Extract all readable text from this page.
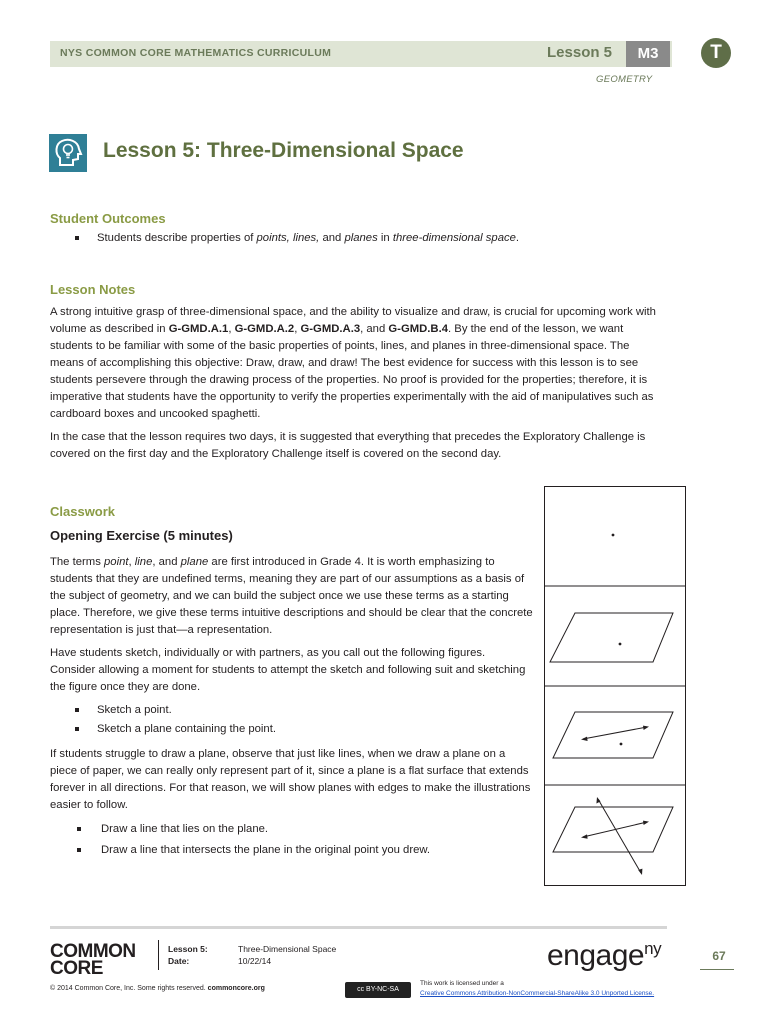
NYS COMMON CORE MATHEMATICS CURRICULUM	Lesson 5	M3
GEOMETRY
T
Lesson 5: Three-Dimensional Space
Student Outcomes
Students describe properties of points, lines, and planes in three-dimensional space.
Lesson Notes
A strong intuitive grasp of three-dimensional space, and the ability to visualize and draw, is crucial for upcoming work with volume as described in G-GMD.A.1, G-GMD.A.2, G-GMD.A.3, and G-GMD.B.4. By the end of the lesson, we want students to be familiar with some of the basic properties of points, lines, and planes in three-dimensional space. The means of accomplishing this objective: Draw, draw, and draw! The best evidence for success with this lesson is to see students persevere through the drawing process of the properties. No proof is provided for the properties; therefore, it is imperative that students have the opportunity to verify the properties experimentally with the aid of manipulatives such as cardboard boxes and uncooked spaghetti.
In the case that the lesson requires two days, it is suggested that everything that precedes the Exploratory Challenge is covered on the first day and the Exploratory Challenge itself is covered on the second day.
Classwork
Opening Exercise (5 minutes)
The terms point, line, and plane are first introduced in Grade 4. It is worth emphasizing to students that they are undefined terms, meaning they are part of our assumptions as a basis of the subject of geometry, and we can build the subject once we use these terms as a starting place. Therefore, we give these terms intuitive descriptions and should be clear that the concrete representation is just that—a representation.
Have students sketch, individually or with partners, as you call out the following figures. Consider allowing a moment for students to attempt the sketch and following suit and sketching the figure once they are done.
Sketch a point.
Sketch a plane containing the point.
If students struggle to draw a plane, observe that just like lines, when we draw a plane on a piece of paper, we can really only represent part of it, since a plane is a flat surface that extends forever in all directions. For that reason, we will show planes with edges to make the illustrations easier to follow.
Draw a line that lies on the plane.
Draw a line that intersects the plane in the original point you drew.
COMMON
CORE
Lesson 5:	Three-Dimensional Space
Date:	10/22/14	engage$^{ny}$	67
© 2014 Common Core, Inc. Some rights reserved. commoncore.org	cc BY-NC-SA
This work is licensed under a
Creative Commons Attribution-NonCommercial-ShareAlike 3.0 Unported License.
